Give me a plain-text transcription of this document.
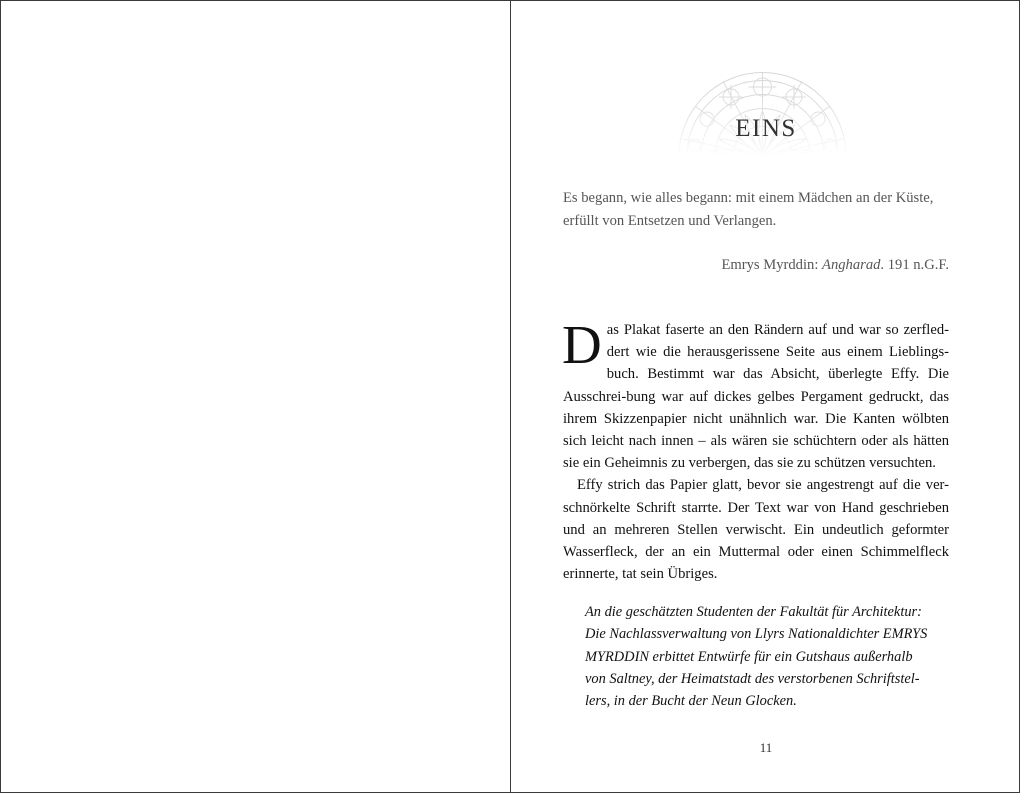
EINS
Es begann, wie alles begann: mit einem Mädchen an der Küste,
erfüllt von Entsetzen und Verlangen.
Emrys Myrddin: Angharad. 191 n.G.F.

D as Plakat faserte an den Rändern auf und war so zerfled- dert wie die herausgerissene Seite aus einem Lieblings- buch. Bestimmt war das Absicht, überlegte Effy. Die Ausschrei-bung war auf dickes gelbes Pergament gedruckt, das ihrem Skizzenpapier nicht unähnlich war. Die Kanten wölbten sich leicht nach innen – als wären sie schüchtern oder als hätten sie ein Geheimnis zu verbergen, das sie zu schützen versuchten.

Effy strich das Papier glatt, bevor sie angestrengt auf die ver-schnörkelte Schrift starrte. Der Text war von Hand geschrieben und an mehreren Stellen verwischt. Ein undeutlich geformter Wasserfleck, der an ein Muttermal oder einen Schimmelfleck erinnerte, tat sein Übriges.

An die geschätzten Studenten der Fakultät für Architektur:

Die Nachlassverwaltung von Llyrs Nationaldichter EMRYS

MYRDDIN erbittet Entwürfe für ein Gutshaus außerhalb

von Saltney, der Heimatstadt des verstorbenen Schriftstel-

lers, in der Bucht der Neun Glocken.

11
